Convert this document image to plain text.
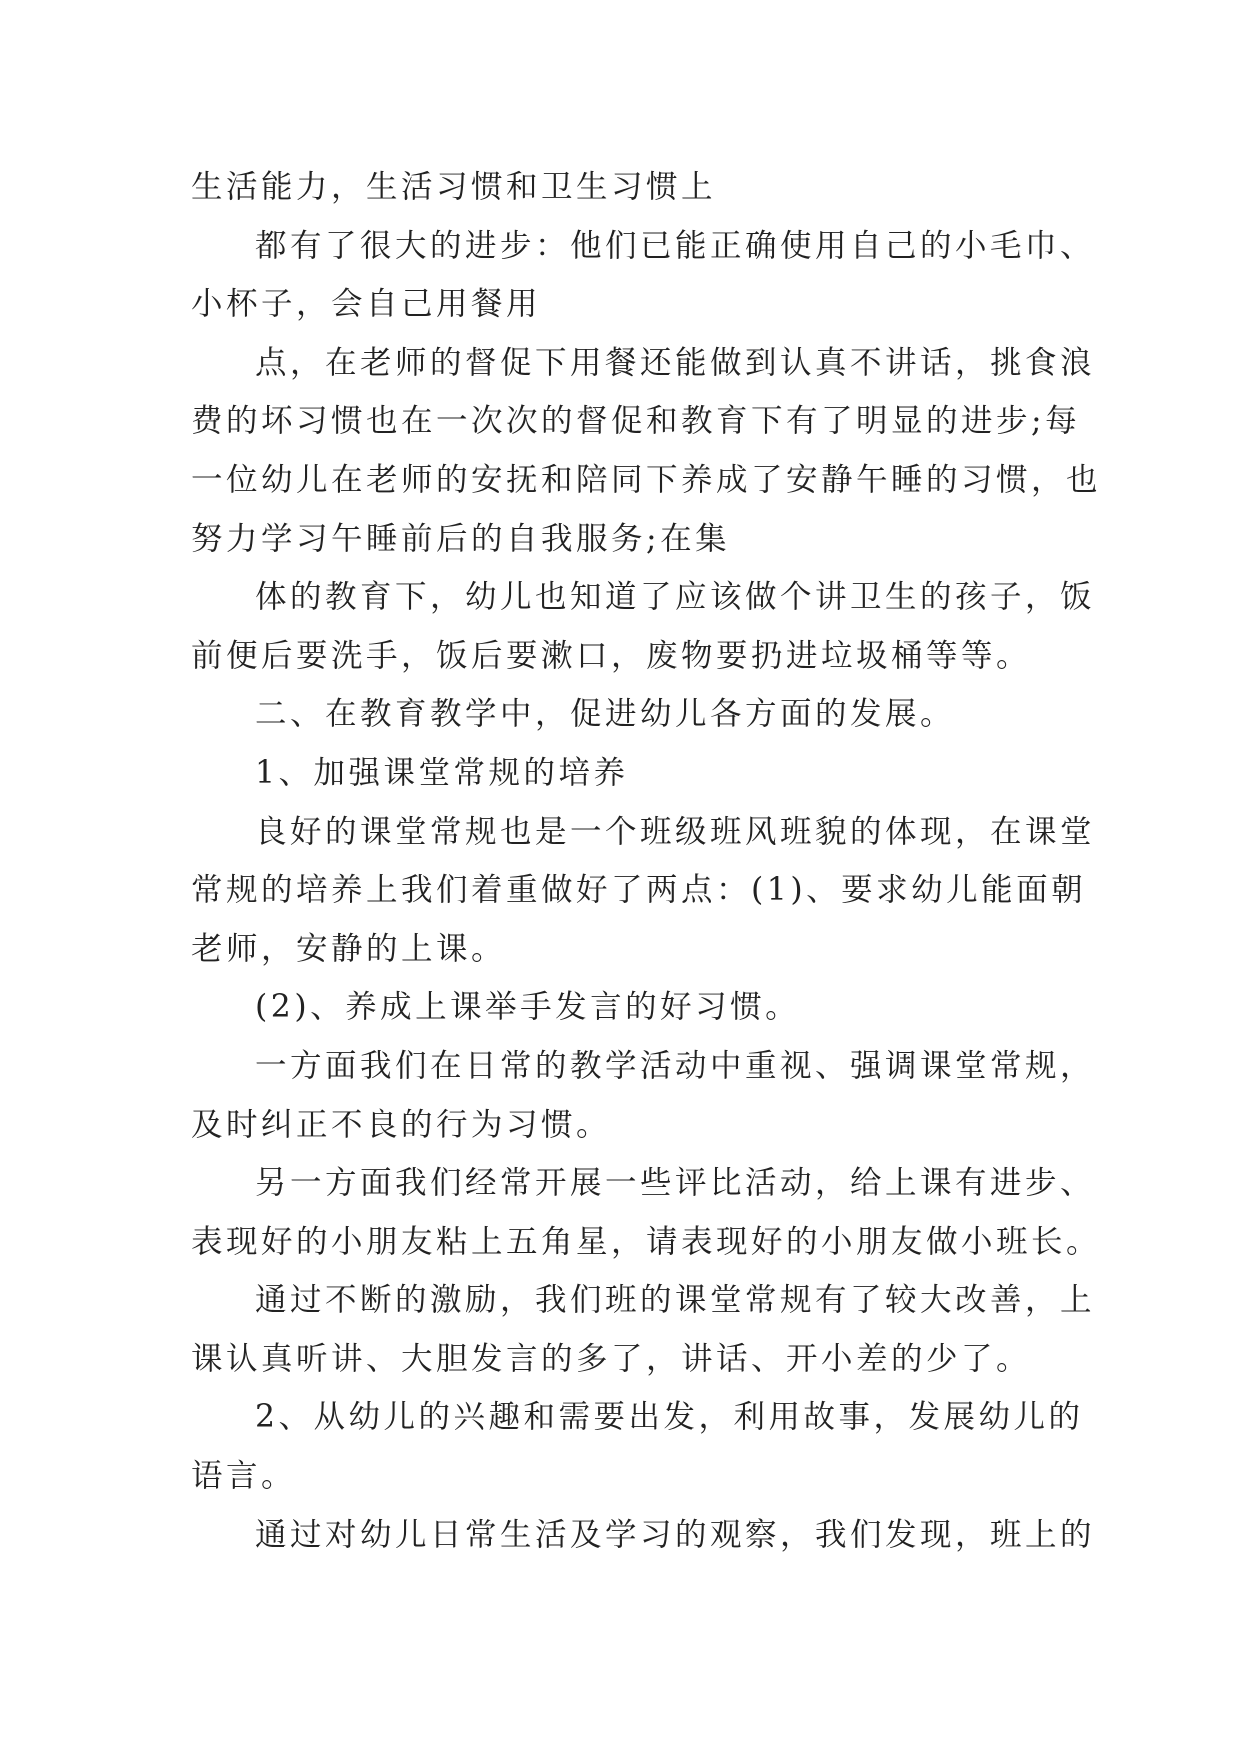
生活能力，生活习惯和卫生习惯上
都有了很大的进步：他们已能正确使用自己的小毛巾、
小杯子，会自己用餐用
点，在老师的督促下用餐还能做到认真不讲话，挑食浪
费的坏习惯也在一次次的督促和教育下有了明显的进步;每
一位幼儿在老师的安抚和陪同下养成了安静午睡的习惯，也
努力学习午睡前后的自我服务;在集
体的教育下，幼儿也知道了应该做个讲卫生的孩子，饭
前便后要洗手，饭后要漱口，废物要扔进垃圾桶等等。
二、在教育教学中，促进幼儿各方面的发展。
1、加强课堂常规的培养
良好的课堂常规也是一个班级班风班貌的体现，在课堂
常规的培养上我们着重做好了两点：(1)、要求幼儿能面朝
老师，安静的上课。
(2)、养成上课举手发言的好习惯。
一方面我们在日常的教学活动中重视、强调课堂常规，
及时纠正不良的行为习惯。
另一方面我们经常开展一些评比活动，给上课有进步、
表现好的小朋友粘上五角星，请表现好的小朋友做小班长。
通过不断的激励，我们班的课堂常规有了较大改善，上
课认真听讲、大胆发言的多了，讲话、开小差的少了。
2、从幼儿的兴趣和需要出发，利用故事，发展幼儿的
语言。
通过对幼儿日常生活及学习的观察，我们发现，班上的
